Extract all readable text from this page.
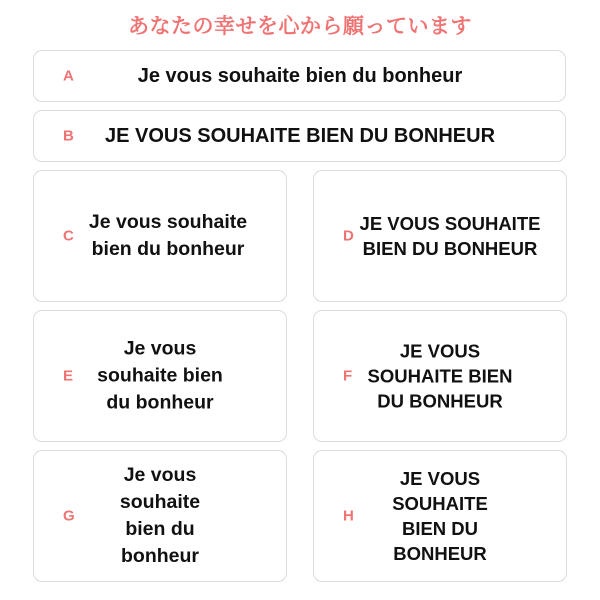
あなたの幸せを心から願っています
A	Je vous souhaite bien du bonheur
B JE VOUS SOUHAITE BIEN DU BONHEUR
C
Je vous souhaite
bien du bonheur
D
JE VOUS SOUHAITE
BIEN DU BONHEUR
E
Je vous
souhaite bien
du bonheur
F
JE VOUS
SOUHAITE BIEN
DU BONHEUR
G
Je vous
souhaite
bien du
bonheur
H
JE VOUS
SOUHAITE
BIEN DU
BONHEUR
